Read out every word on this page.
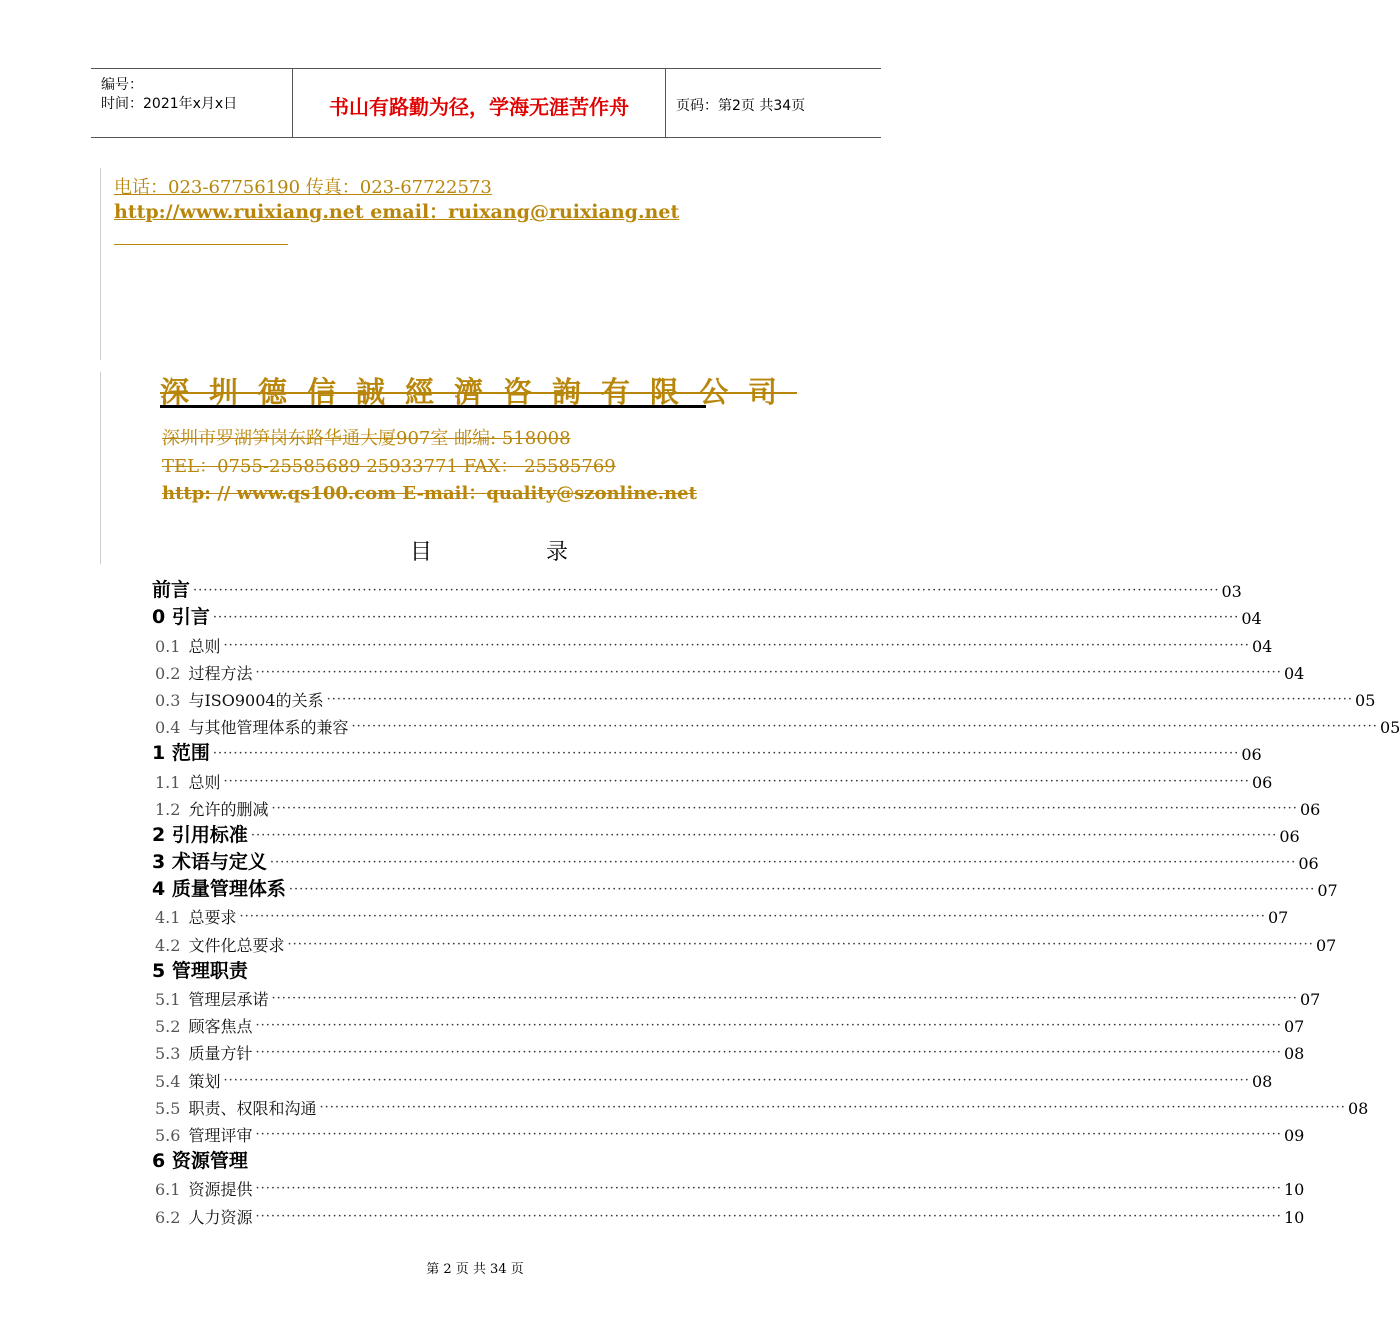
编号：
时间：2021年x月x日	书山有路勤为径，学海无涯苦作舟	页码：第2页 共34页
电话：023-67756190 传真：023-67722573
http://www.ruixiang.net email：ruixang@ruixiang.net
深圳德信誠經濟咨詢有限公司
深圳市罗湖笋岗东路华通大厦907室 邮编: 518008
TEL：0755-25585689 25933771 FAX： 25585769
http: // www.qs100.com E-mail：quality@szonline.net
目	录
前言 ········································································································································································································ 03
0 引言 ········································································································································································································ 04
0.1 总则 ········································································································································································································ 04
0.2 过程方法 ········································································································································································································ 04
0.3 与ISO9004的关系 ········································································································································································································ 05
0.4 与其他管理体系的兼容 ········································································································································································································ 05
1 范围 ········································································································································································································ 06
1.1 总则 ········································································································································································································ 06
1.2 允许的删减 ········································································································································································································ 06
2 引用标准 ········································································································································································································ 06
3 术语与定义 ········································································································································································································ 06
4 质量管理体系 ········································································································································································································ 07
4.1 总要求 ········································································································································································································ 07
4.2 文件化总要求 ········································································································································································································ 07
5 管理职责
5.1 管理层承诺 ········································································································································································································ 07
5.2 顾客焦点 ········································································································································································································ 07
5.3 质量方针 ········································································································································································································ 08
5.4 策划 ········································································································································································································ 08
5.5 职责、权限和沟通 ········································································································································································································ 08
5.6 管理评审 ········································································································································································································ 09
6 资源管理
6.1 资源提供 ········································································································································································································ 10
6.2 人力资源 ········································································································································································································ 10
第 2 页 共 34 页
